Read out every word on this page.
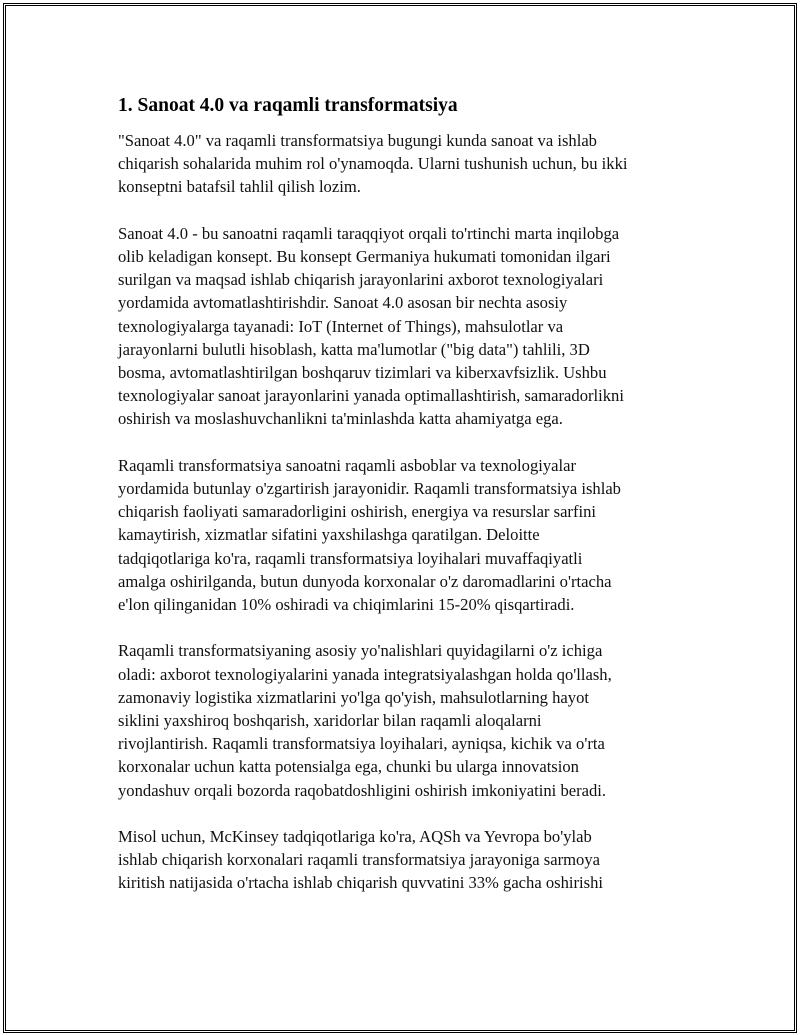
1. Sanoat 4.0 va raqamli transformatsiya

"Sanoat 4.0" va raqamli transformatsiya bugungi kunda sanoat va ishlab
chiqarish sohalarida muhim rol o'ynamoqda. Ularni tushunish uchun, bu ikki
konseptni batafsil tahlil qilish lozim.

Sanoat 4.0 - bu sanoatni raqamli taraqqiyot orqali to'rtinchi marta inqilobga
olib keladigan konsept. Bu konsept Germaniya hukumati tomonidan ilgari
surilgan va maqsad ishlab chiqarish jarayonlarini axborot texnologiyalari
yordamida avtomatlashtirishdir. Sanoat 4.0 asosan bir nechta asosiy
texnologiyalarga tayanadi: IoT (Internet of Things), mahsulotlar va
jarayonlarni bulutli hisoblash, katta ma'lumotlar ("big data") tahlili, 3D
bosma, avtomatlashtirilgan boshqaruv tizimlari va kiberxavfsizlik. Ushbu
texnologiyalar sanoat jarayonlarini yanada optimallashtirish, samaradorlikni
oshirish va moslashuvchanlikni ta'minlashda katta ahamiyatga ega.

Raqamli transformatsiya sanoatni raqamli asboblar va texnologiyalar
yordamida butunlay o'zgartirish jarayonidir. Raqamli transformatsiya ishlab
chiqarish faoliyati samaradorligini oshirish, energiya va resurslar sarfini
kamaytirish, xizmatlar sifatini yaxshilashga qaratilgan. Deloitte
tadqiqotlariga ko'ra, raqamli transformatsiya loyihalari muvaffaqiyatli
amalga oshirilganda, butun dunyoda korxonalar o'z daromadlarini o'rtacha
e'lon qilinganidan 10% oshiradi va chiqimlarini 15-20% qisqartiradi.

Raqamli transformatsiyaning asosiy yo'nalishlari quyidagilarni o'z ichiga
oladi: axborot texnologiyalarini yanada integratsiyalashgan holda qo'llash,
zamonaviy logistika xizmatlarini yo'lga qo'yish, mahsulotlarning hayot
siklini yaxshiroq boshqarish, xaridorlar bilan raqamli aloqalarni
rivojlantirish. Raqamli transformatsiya loyihalari, ayniqsa, kichik va o'rta
korxonalar uchun katta potensialga ega, chunki bu ularga innovatsion
yondashuv orqali bozorda raqobatdoshligini oshirish imkoniyatini beradi.

Misol uchun, McKinsey tadqiqotlariga ko'ra, AQSh va Yevropa bo'ylab
ishlab chiqarish korxonalari raqamli transformatsiya jarayoniga sarmoya
kiritish natijasida o'rtacha ishlab chiqarish quvvatini 33% gacha oshirishi
